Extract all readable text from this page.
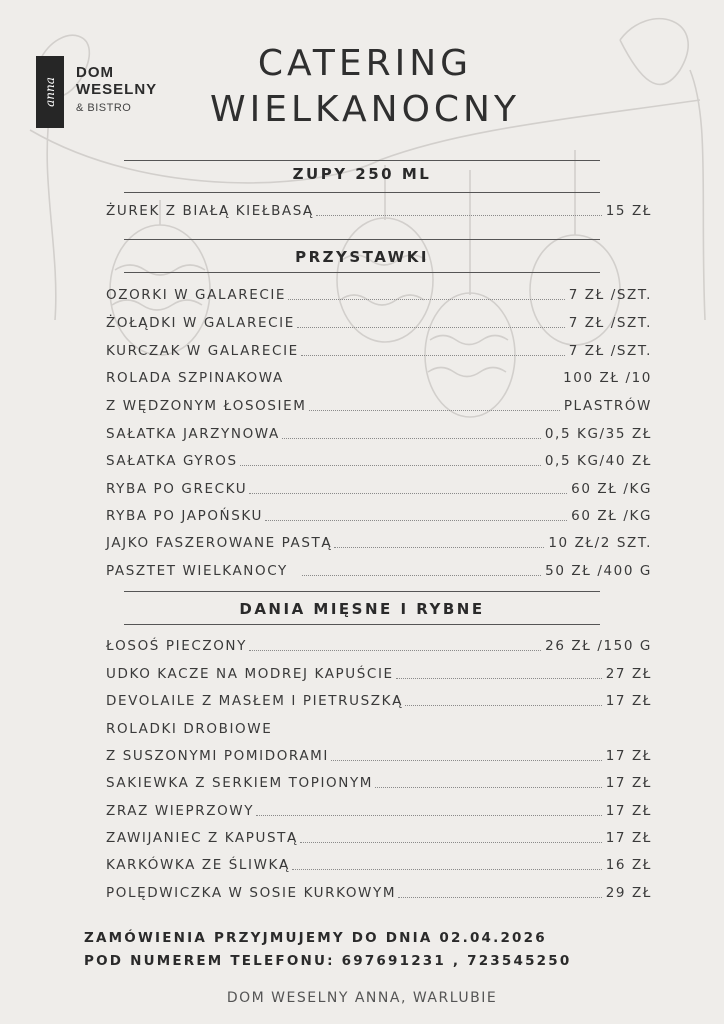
anna
DOM
WESELNY
& BISTRO
CATERING
WIELKANOCNY
ZUPY 250 ML
ŻUREK Z BIAŁĄ KIEŁBASĄ	15 ZŁ
PRZYSTAWKI
OZORKI W GALARECIE	7 ZŁ /SZT.
ŻOŁĄDKI W GALARECIE	7 ZŁ /SZT.
KURCZAK W GALARECIE	7 ZŁ /SZT.
ROLADA SZPINAKOWA	100 ZŁ /10
Z WĘDZONYM ŁOSOSIEM	PLASTRÓW
SAŁATKA JARZYNOWA	0,5 KG/35 ZŁ
SAŁATKA GYROS	0,5 KG/40 ZŁ
RYBA PO GRECKU	60 ZŁ /KG
RYBA PO JAPOŃSKU	60 ZŁ /KG
JAJKO FASZEROWANE PASTĄ	10 ZŁ/2 SZT.
PASZTET WIELKANOCY	50 ZŁ /400 G
DANIA MIĘSNE I RYBNE
ŁOSOŚ PIECZONY	26 ZŁ /150 G
UDKO KACZE NA MODREJ KAPUŚCIE	27 ZŁ
DEVOLAILE Z MASŁEM I PIETRUSZKĄ	17 ZŁ
ROLADKI DROBIOWE
Z SUSZONYMI POMIDORAMI	17 ZŁ
SAKIEWKA Z SERKIEM TOPIONYM	17 ZŁ
ZRAZ WIEPRZOWY	17 ZŁ
ZAWIJANIEC Z KAPUSTĄ	17 ZŁ
KARKÓWKA ZE ŚLIWKĄ	16 ZŁ
POLĘDWICZKA W SOSIE KURKOWYM	29 ZŁ
ZAMÓWIENIA PRZYJMUJEMY DO DNIA 02.04.2026
POD NUMEREM TELEFONU: 697691231 , 723545250
DOM WESELNY ANNA, WARLUBIE
